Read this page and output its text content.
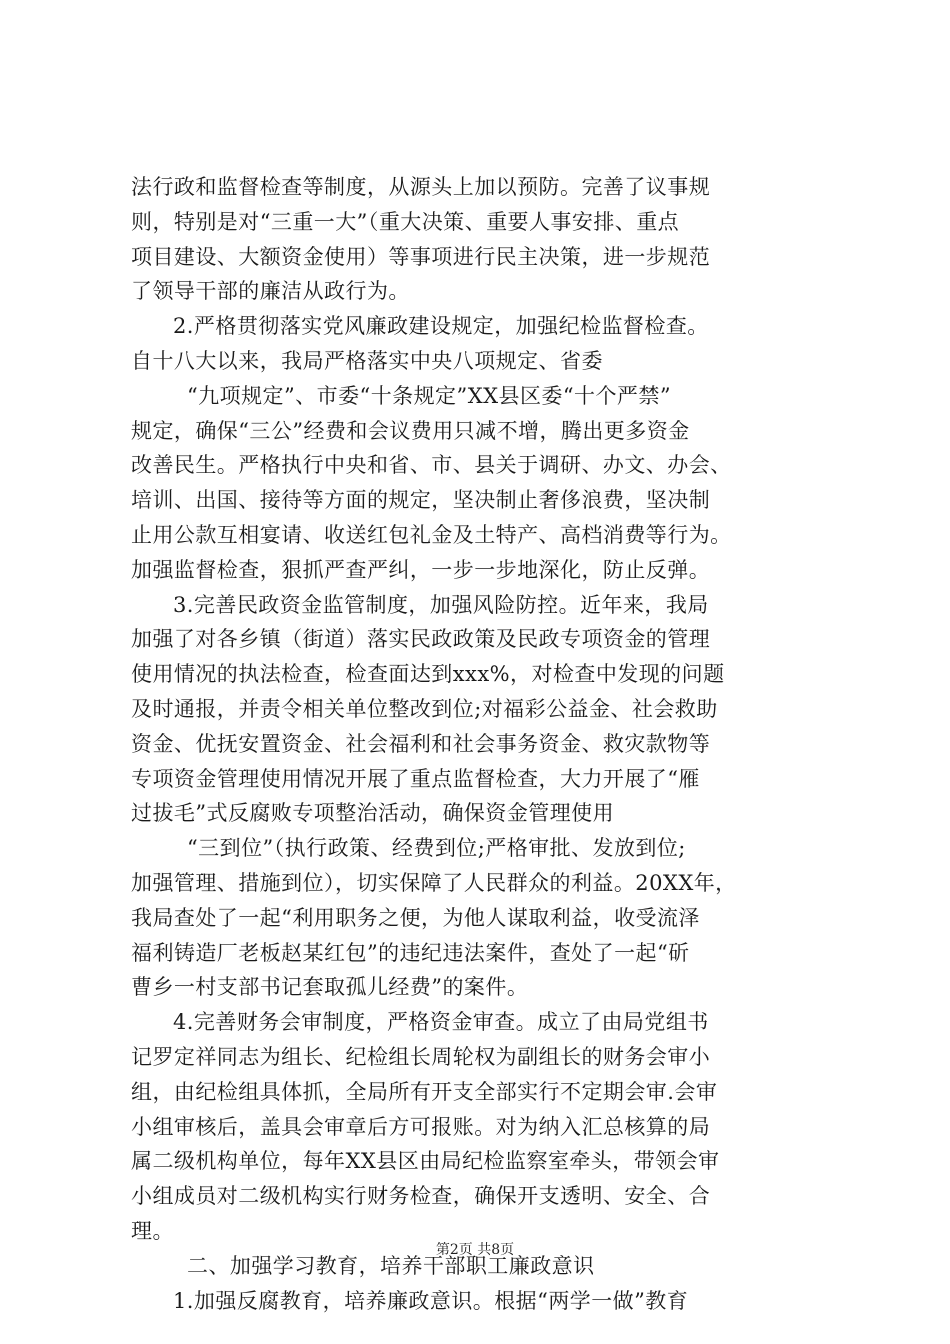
法行政和监督检查等制度，从源头上加以预防。完善了议事规
则，特别是对“三重一大”（重大决策、重要人事安排、重点
项目建设、大额资金使用）等事项进行民主决策，进一步规范
了领导干部的廉洁从政行为。
2.严格贯彻落实党风廉政建设规定，加强纪检监督检查。
自十八大以来，我局严格落实中央八项规定、省委
“九项规定”、市委“十条规定”XX县区委“十个严禁”
规定，确保“三公”经费和会议费用只减不增，腾出更多资金
改善民生。严格执行中央和省、市、县关于调研、办文、办会、
培训、出国、接待等方面的规定，坚决制止奢侈浪费，坚决制
止用公款互相宴请、收送红包礼金及土特产、高档消费等行为。
加强监督检查，狠抓严查严纠，一步一步地深化，防止反弹。
3.完善民政资金监管制度，加强风险防控。近年来，我局
加强了对各乡镇（街道）落实民政政策及民政专项资金的管理
使用情况的执法检查，检查面达到xxx%，对检查中发现的问题
及时通报，并责令相关单位整改到位;对福彩公益金、社会救助
资金、优抚安置资金、社会福利和社会事务资金、救灾款物等
专项资金管理使用情况开展了重点监督检查，大力开展了“雁
过拔毛”式反腐败专项整治活动，确保资金管理使用
“三到位”（执行政策、经费到位;严格审批、发放到位;
加强管理、措施到位），切实保障了人民群众的利益。20XX年，
我局查处了一起“利用职务之便，为他人谋取利益，收受流泽
福利铸造厂老板赵某红包”的违纪违法案件，查处了一起“斫
曹乡一村支部书记套取孤儿经费”的案件。
4.完善财务会审制度，严格资金审查。成立了由局党组书
记罗定祥同志为组长、纪检组长周轮权为副组长的财务会审小
组，由纪检组具体抓，全局所有开支全部实行不定期会审.会审
小组审核后，盖具会审章后方可报账。对为纳入汇总核算的局
属二级机构单位，每年XX县区由局纪检监察室牵头，带领会审
小组成员对二级机构实行财务检查，确保开支透明、安全、合
理。
二、加强学习教育，培养干部职工廉政意识
1.加强反腐教育，培养廉政意识。根据“两学一做”教育
第2页 共8页
